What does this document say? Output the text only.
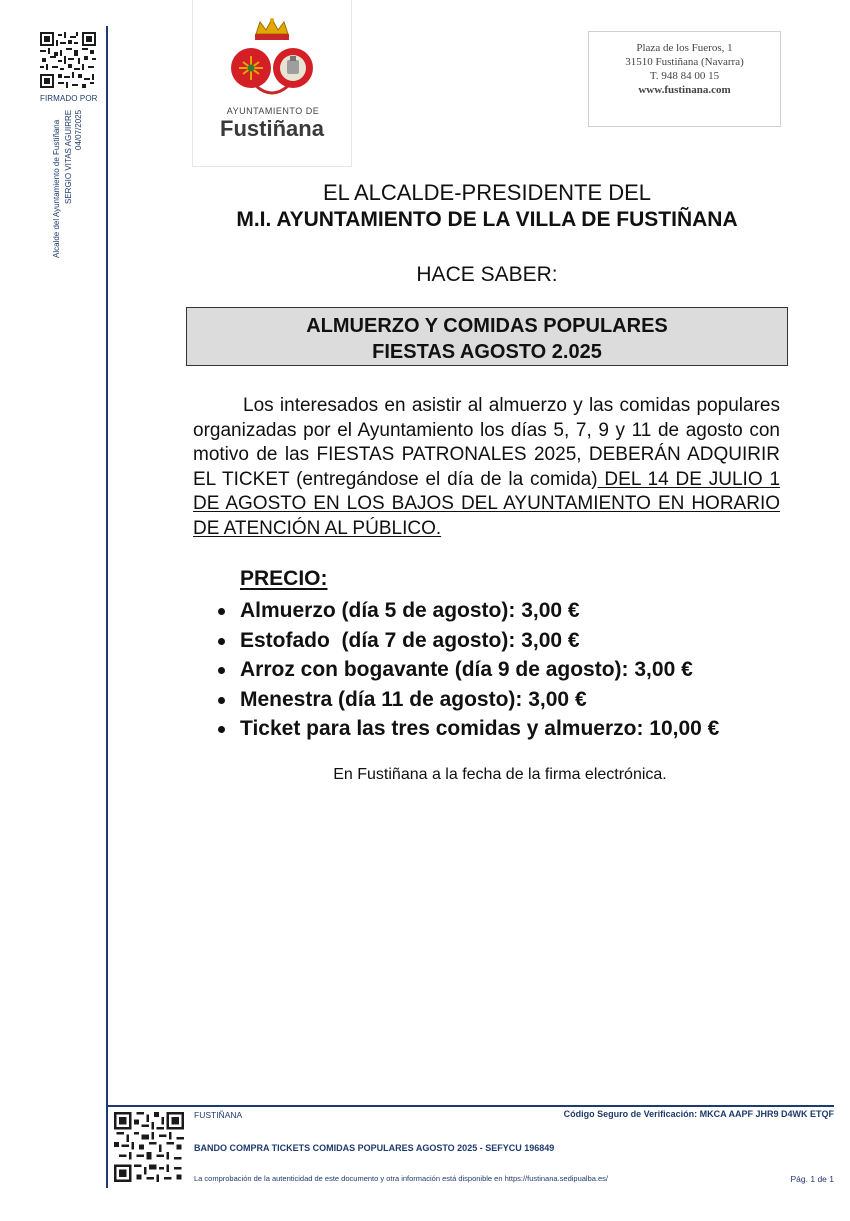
FIRMADO POR
Alcalde del Ayuntamiento de Fustiñana SERGIO VITAS AGUIRRE 04/07/2025	AYUNTAMIENTO DE
Fustiñana
Plaza de los Fueros, 1
31510 Fustiñana (Navarra)
T. 948 84 00 15
www.fustinana.com
EL ALCALDE-PRESIDENTE DEL
M.I. AYUNTAMIENTO DE LA VILLA DE FUSTIÑANA
HACE SABER:
ALMUERZO Y COMIDAS POPULARES
FIESTAS AGOSTO 2.025
Los interesados en asistir al almuerzo y las comidas populares organizadas por el Ayuntamiento los días 5, 7, 9 y 11 de agosto con motivo de las FIESTAS PATRONALES 2025, DEBERÁN ADQUIRIR EL TICKET (entregándose el día de la comida) DEL 14 DE JULIO 1 DE AGOSTO EN LOS BAJOS DEL AYUNTAMIENTO EN HORARIO DE ATENCIÓN AL PÚBLICO.
PRECIO:
Almuerzo (día 5 de agosto): 3,00 €
Estofado  (día 7 de agosto): 3,00 €
Arroz con bogavante (día 9 de agosto): 3,00 €
Menestra (día 11 de agosto): 3,00 €
Ticket para las tres comidas y almuerzo: 10,00 €
En Fustiñana a la fecha de la firma electrónica.
FUSTIÑANA	Código Seguro de Verificación: MKCA AAPF JHR9 D4WK ETQF
BANDO COMPRA TICKETS COMIDAS POPULARES AGOSTO 2025 - SEFYCU 196849
La comprobación de la autenticidad de este documento y otra información está disponible en https://fustinana.sedipualba.es/	Pág. 1 de 1
